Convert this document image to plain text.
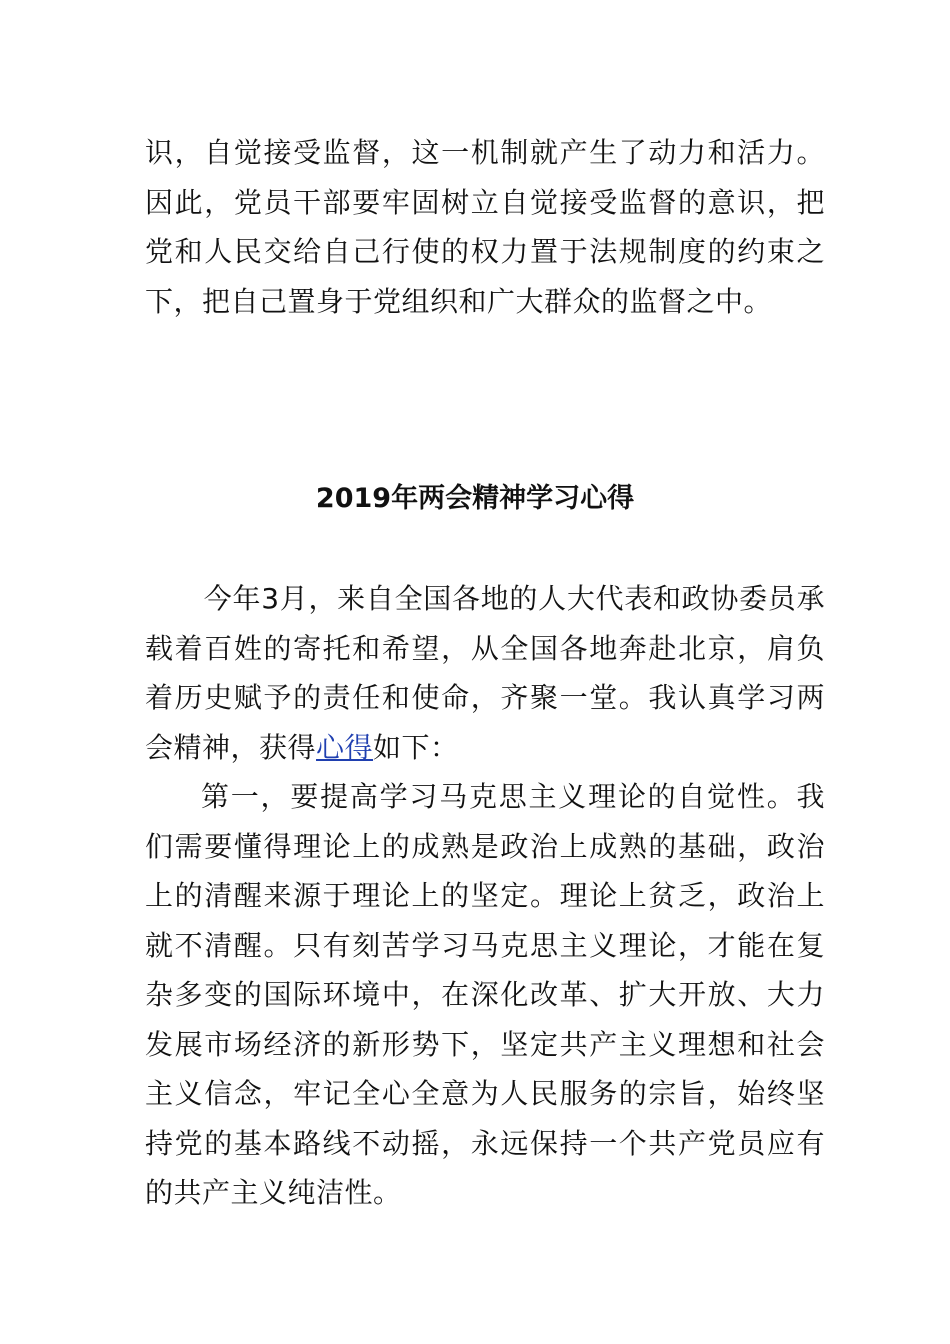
识，自觉接受监督，这一机制就产生了动力和活力。因此，党员干部要牢固树立自觉接受监督的意识，把党和人民交给自己行使的权力置于法规制度的约束之下，把自己置身于党组织和广大群众的监督之中。

2019年两会精神学习心得

今年3月，来自全国各地的人大代表和政协委员承载着百姓的寄托和希望，从全国各地奔赴北京，肩负着历史赋予的责任和使命，齐聚一堂。我认真学习两会精神，获得心得如下：

第一，要提高学习马克思主义理论的自觉性。我们需要懂得理论上的成熟是政治上成熟的基础，政治上的清醒来源于理论上的坚定。理论上贫乏，政治上就不清醒。只有刻苦学习马克思主义理论，才能在复杂多变的国际环境中，在深化改革、扩大开放、大力发展市场经济的新形势下，坚定共产主义理想和社会主义信念，牢记全心全意为人民服务的宗旨，始终坚持党的基本路线不动摇，永远保持一个共产党员应有的共产主义纯洁性。
